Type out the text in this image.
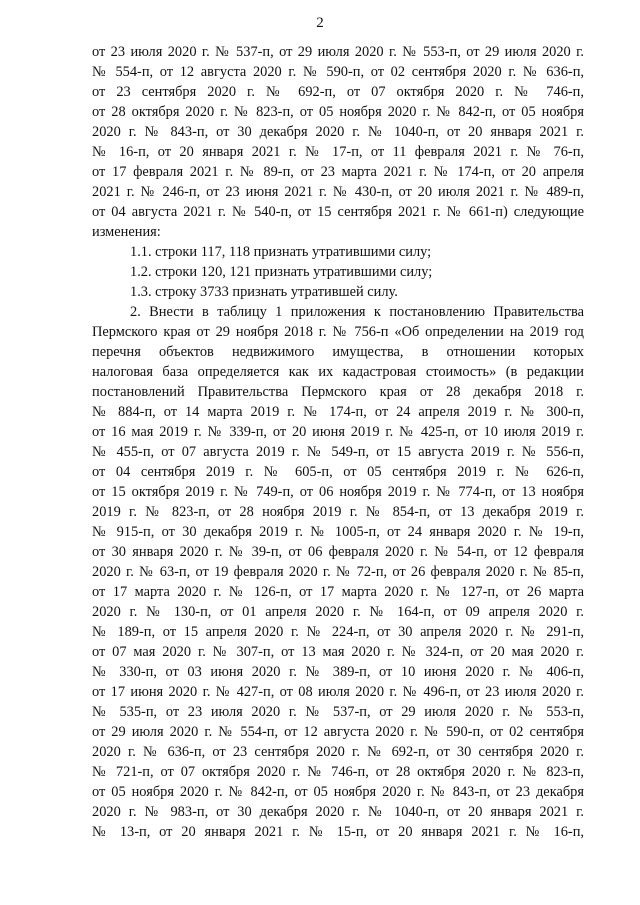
2
от 23 июля 2020 г. № 537-п, от 29 июля 2020 г. № 553-п, от 29 июля 2020 г.
№ 554-п, от 12 августа 2020 г. № 590-п, от 02 сентября 2020 г. № 636-п,
от 23 сентября 2020 г. № 692-п, от 07 октября 2020 г. № 746-п,
от 28 октября 2020 г. № 823-п, от 05 ноября 2020 г. № 842-п, от 05 ноября
2020 г. № 843-п, от 30 декабря 2020 г. № 1040-п, от 20 января 2021 г.
№ 16-п, от 20 января 2021 г. № 17-п, от 11 февраля 2021 г. № 76-п,
от 17 февраля 2021 г. № 89-п, от 23 марта 2021 г. № 174-п, от 20 апреля
2021 г. № 246-п, от 23 июня 2021 г. № 430-п, от 20 июля 2021 г. № 489-п,
от 04 августа 2021 г. № 540-п, от 15 сентября 2021 г. № 661-п) следующие
изменения:
1.1. строки 117, 118 признать утратившими силу;
1.2. строки 120, 121 признать утратившими силу;
1.3. строку 3733 признать утратившей силу.
2. Внести в таблицу 1 приложения к постановлению Правительства
Пермского края от 29 ноября 2018 г. № 756-п «Об определении на 2019 год
перечня объектов недвижимого имущества, в отношении которых
налоговая база определяется как их кадастровая стоимость» (в редакции
постановлений Правительства Пермского края от 28 декабря 2018 г.
№ 884-п, от 14 марта 2019 г. № 174-п, от 24 апреля 2019 г. № 300-п,
от 16 мая 2019 г. № 339-п, от 20 июня 2019 г. № 425-п, от 10 июля 2019 г.
№ 455-п, от 07 августа 2019 г. № 549-п, от 15 августа 2019 г. № 556-п,
от 04 сентября 2019 г. № 605-п, от 05 сентября 2019 г. № 626-п,
от 15 октября 2019 г. № 749-п, от 06 ноября 2019 г. № 774-п, от 13 ноября
2019 г. № 823-п, от 28 ноября 2019 г. № 854-п, от 13 декабря 2019 г.
№ 915-п, от 30 декабря 2019 г. № 1005-п, от 24 января 2020 г. № 19-п,
от 30 января 2020 г. № 39-п, от 06 февраля 2020 г. № 54-п, от 12 февраля
2020 г. № 63-п, от 19 февраля 2020 г. № 72-п, от 26 февраля 2020 г. № 85-п,
от 17 марта 2020 г. № 126-п, от 17 марта 2020 г. № 127-п, от 26 марта
2020 г. № 130-п, от 01 апреля 2020 г. № 164-п, от 09 апреля 2020 г.
№ 189-п, от 15 апреля 2020 г. № 224-п, от 30 апреля 2020 г. № 291-п,
от 07 мая 2020 г. № 307-п, от 13 мая 2020 г. № 324-п, от 20 мая 2020 г.
№ 330-п, от 03 июня 2020 г. № 389-п, от 10 июня 2020 г. № 406-п,
от 17 июня 2020 г. № 427-п, от 08 июля 2020 г. № 496-п, от 23 июля 2020 г.
№ 535-п, от 23 июля 2020 г. № 537-п, от 29 июля 2020 г. № 553-п,
от 29 июля 2020 г. № 554-п, от 12 августа 2020 г. № 590-п, от 02 сентября
2020 г. № 636-п, от 23 сентября 2020 г. № 692-п, от 30 сентября 2020 г.
№ 721-п, от 07 октября 2020 г. № 746-п, от 28 октября 2020 г. № 823-п,
от 05 ноября 2020 г. № 842-п, от 05 ноября 2020 г. № 843-п, от 23 декабря
2020 г. № 983-п, от 30 декабря 2020 г. № 1040-п, от 20 января 2021 г.
№ 13-п, от 20 января 2021 г. № 15-п, от 20 января 2021 г. № 16-п,
